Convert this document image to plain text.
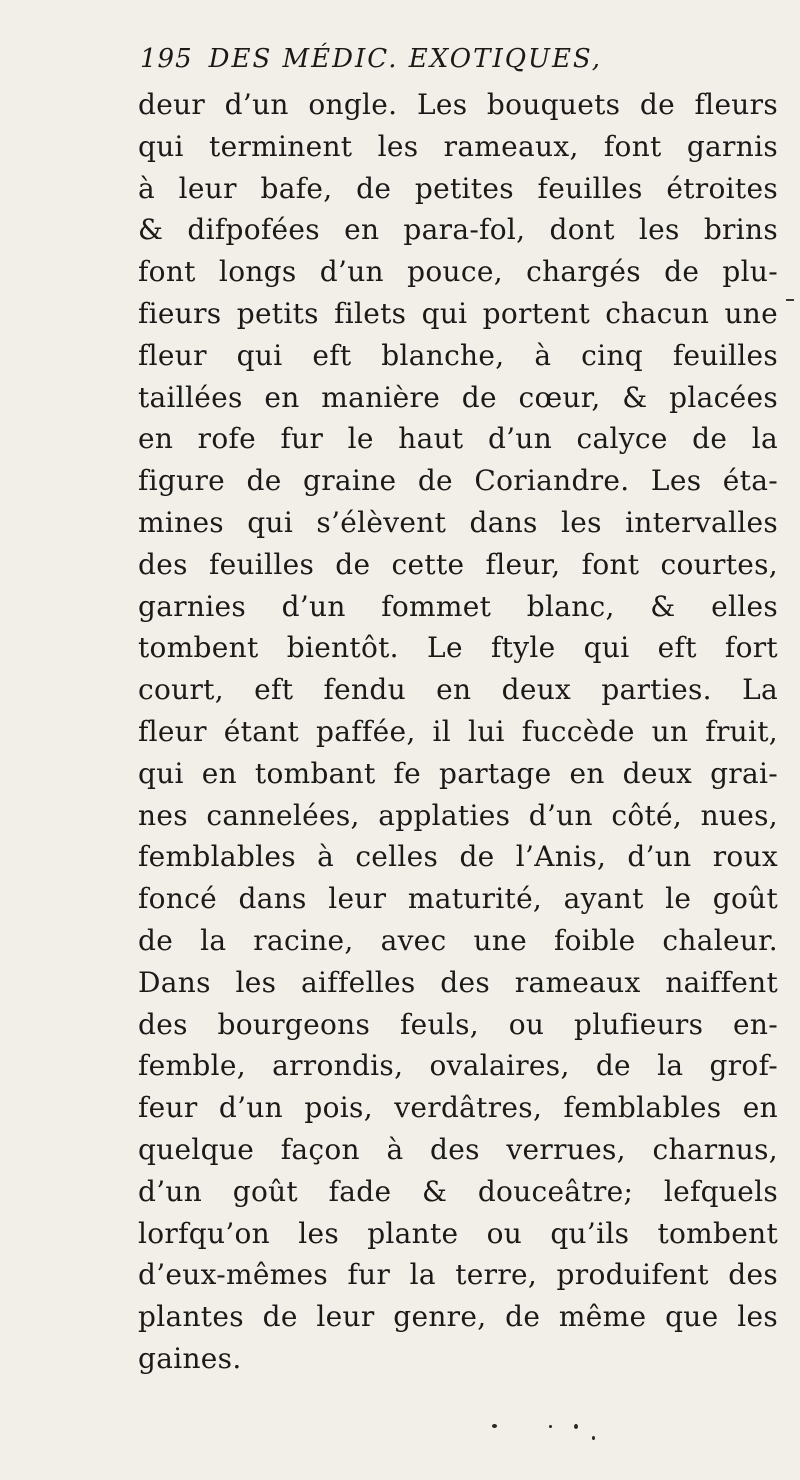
195 DES MÉDIC. EXOTIQUES,
deur d’un ongle. Les bouquets de fleurs
qui terminent les rameaux, font garnis
à leur bafe, de petites feuilles étroites
& difpofées en para-fol, dont les brins
font longs d’un pouce, chargés de plu-
fieurs petits filets qui portent chacun une
fleur qui eft blanche, à cinq feuilles
taillées en manière de cœur, & placées
en rofe fur le haut d’un calyce de la
figure de graine de Coriandre. Les éta-
mines qui s’élèvent dans les intervalles
des feuilles de cette fleur, font courtes,
garnies d’un fommet blanc, & elles
tombent bientôt. Le ftyle qui eft fort
court, eft fendu en deux parties. La
fleur étant paffée, il lui fuccède un fruit,
qui en tombant fe partage en deux grai-
nes cannelées, applaties d’un côté, nues,
femblables à celles de l’Anis, d’un roux
foncé dans leur maturité, ayant le goût
de la racine, avec une foible chaleur.
Dans les aiffelles des rameaux naiffent
des bourgeons feuls, ou plufieurs en-
femble, arrondis, ovalaires, de la grof-
feur d’un pois, verdâtres, femblables en
quelque façon à des verrues, charnus,
d’un goût fade & douceâtre; lefquels
lorfqu’on les plante ou qu’ils tombent
d’eux-mêmes fur la terre, produifent des
plantes de leur genre, de même que les
gaines.
